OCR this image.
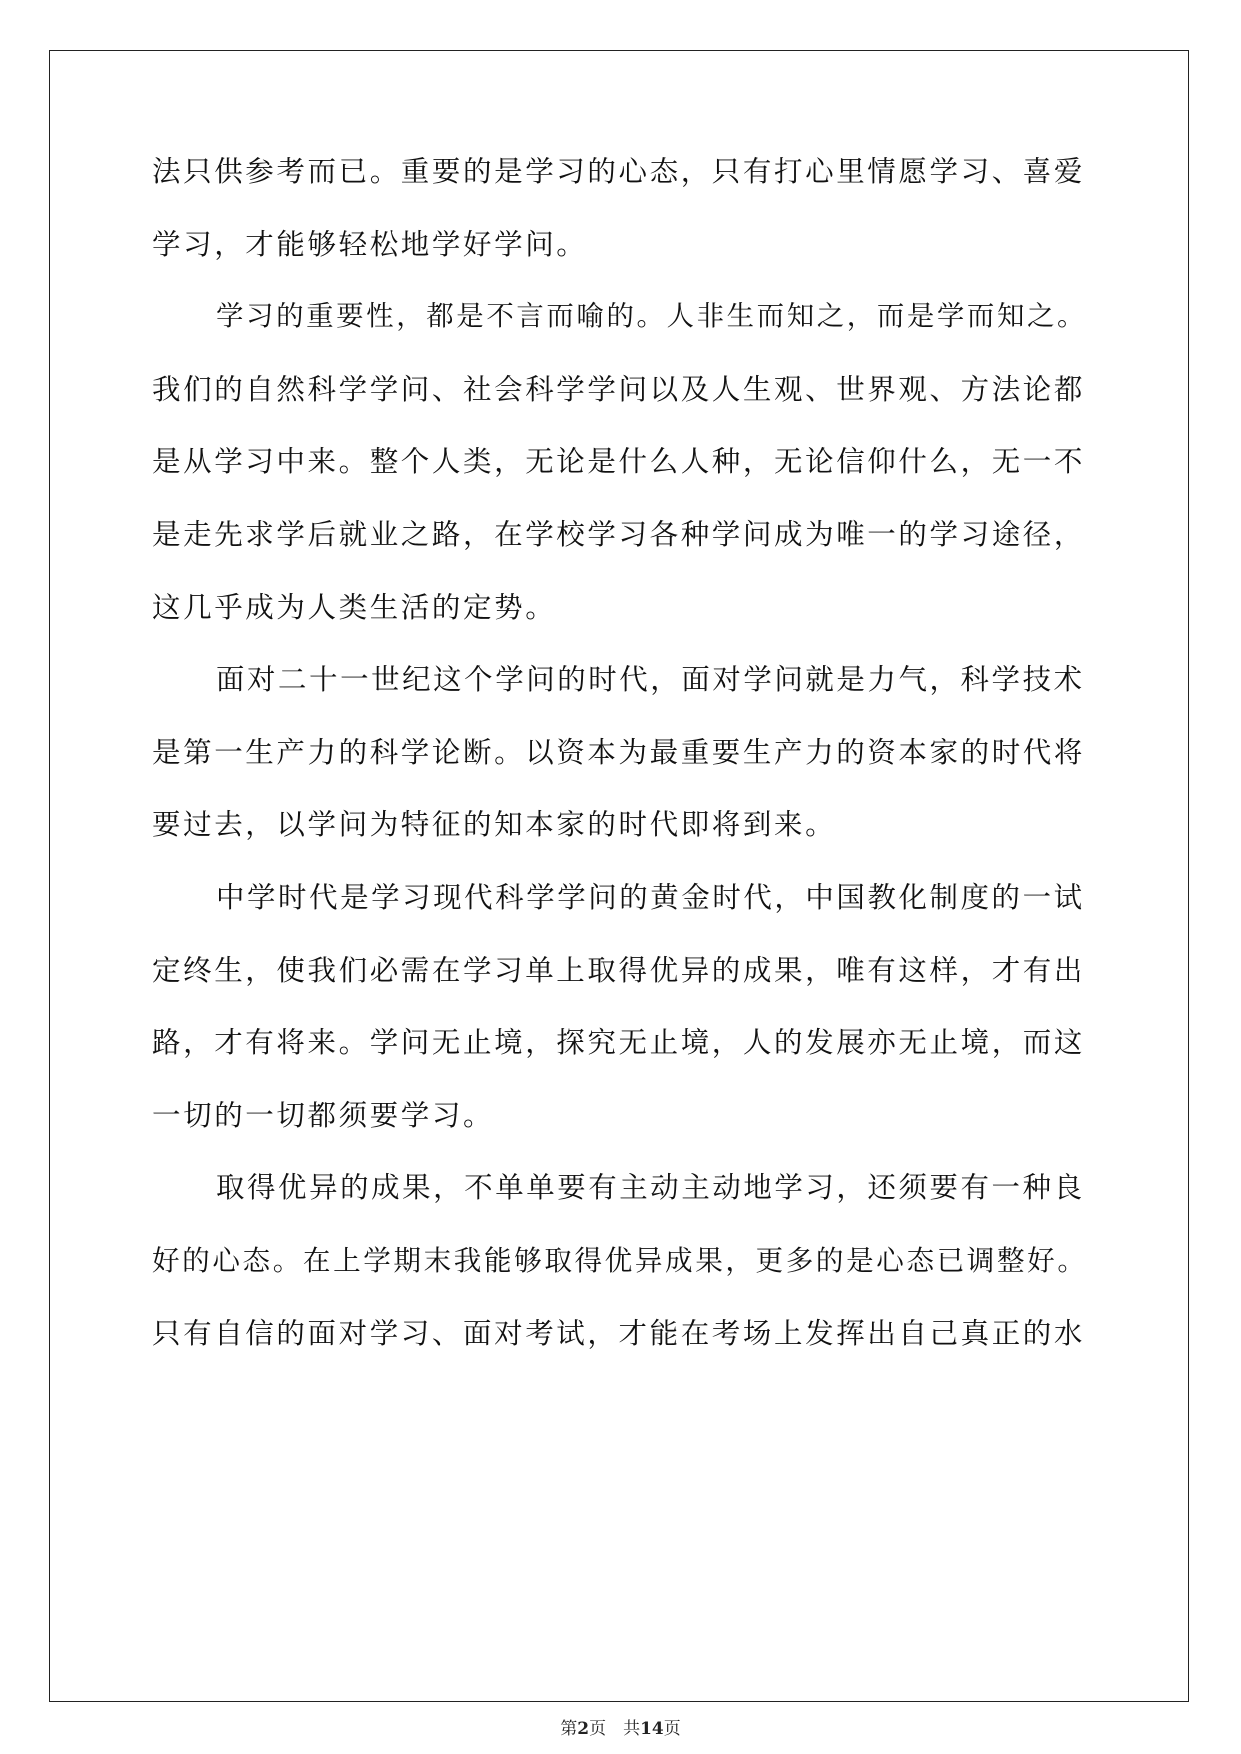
法只供参考而已。重要的是学习的心态，只有打心里情愿学习、喜爱
学习，才能够轻松地学好学问。
学习的重要性，都是不言而喻的。人非生而知之，而是学而知之。
我们的自然科学学问、社会科学学问以及人生观、世界观、方法论都
是从学习中来。整个人类，无论是什么人种，无论信仰什么，无一不
是走先求学后就业之路，在学校学习各种学问成为唯一的学习途径，
这几乎成为人类生活的定势。
面对二十一世纪这个学问的时代，面对学问就是力气，科学技术
是第一生产力的科学论断。以资本为最重要生产力的资本家的时代将
要过去，以学问为特征的知本家的时代即将到来。
中学时代是学习现代科学学问的黄金时代，中国教化制度的一试
定终生，使我们必需在学习单上取得优异的成果，唯有这样，才有出
路，才有将来。学问无止境，探究无止境，人的发展亦无止境，而这
一切的一切都须要学习。
取得优异的成果，不单单要有主动主动地学习，还须要有一种良
好的心态。在上学期末我能够取得优异成果，更多的是心态已调整好。
只有自信的面对学习、面对考试，才能在考场上发挥出自己真正的水
第2页　共14页
